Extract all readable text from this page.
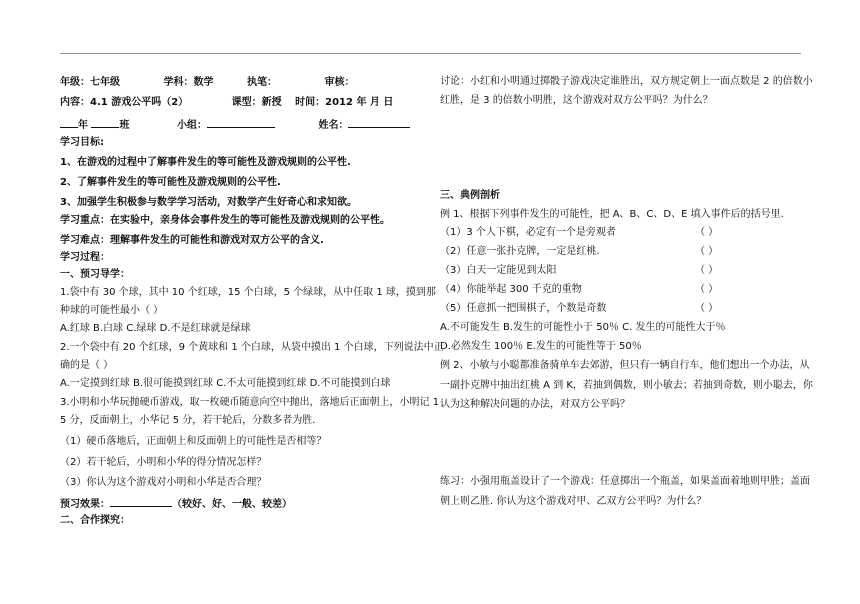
年级：七年级	学科：数学	执笔：	审核：
内容：4.1 游戏公平吗（2）	课型：新授 时间：2012 年 月 日
年	班	小组：	姓名：
学习目标:
1、在游戏的过程中了解事件发生的等可能性及游戏规则的公平性.
2、了解事件发生的等可能性及游戏规则的公平性.
3、加强学生积极参与数学学习活动，对数学产生好奇心和求知欲。
学习重点：在实验中，亲身体会事件发生的等可能性及游戏规则的公平性。
学习难点：理解事件发生的可能性和游戏对双方公平的含义.
学习过程：
一、预习导学：
1.袋中有 30 个球，其中 10 个红球，15 个白球，5 个绿球，从中任取 1 球，摸到那
种球的可能性最小（ ）
A.红球 B.白球 C.绿球 D.不是红球就是绿球
2.一个袋中有 20 个红球，9 个黄球和 1 个白球，从袋中摸出 1 个白球，下列说法中正
确的是（ ）
A.一定摸到红球 B.很可能摸到红球 C.不太可能摸到红球 D.不可能摸到白球
3.小明和小华玩抛硬币游戏，取一枚硬币随意向空中抛出，落地后正面朝上，小明记 1
5 分，反面朝上，小华记 5 分，若干轮后，分数多者为胜.
（1）硬币落地后，正面朝上和反面朝上的可能性是否相等？
（2）若干轮后，小明和小华的得分情况怎样？
（3）你认为这个游戏对小明和小华是否合理？
预习效果：	（较好、好、一般、较差）
二、合作探究：
讨论：小红和小明通过掷骰子游戏决定谁胜出，双方规定朝上一面点数是 2 的倍数小
红胜，是 3 的倍数小明胜，这个游戏对双方公平吗？为什么？
三、典例剖析
例 1、根据下列事件发生的可能性，把 A、B、C、D、E 填入事件后的括号里.
（1）3 个人下棋，必定有一个是旁观者	（ ）
（2）任意一张扑克牌，一定是红桃.	（ ）
（3）白天一定能见到太阳	（ ）
（4）你能举起 300 千克的重物	（ ）
（5）任意抓一把围棋子，个数是奇数	（ ）
A.不可能发生 B.发生的可能性小于 50％ C. 发生的可能性大于％
D.必然发生 100％ E.发生的可能性等于 50％
例 2、小敏与小聪都准备骑单车去郊游，但只有一辆自行车，他们想出一个办法，从
一副扑克牌中抽出红桃 A 到 K，若抽到偶数，则小敏去；若抽到奇数，则小聪去，你
认为这种解决问题的办法，对双方公平吗？
练习：小强用瓶盖设计了一个游戏：任意掷出一个瓶盖，如果盖面着地则甲胜；盖面
朝上则乙胜. 你认为这个游戏对甲、乙双方公平吗？为什么？
